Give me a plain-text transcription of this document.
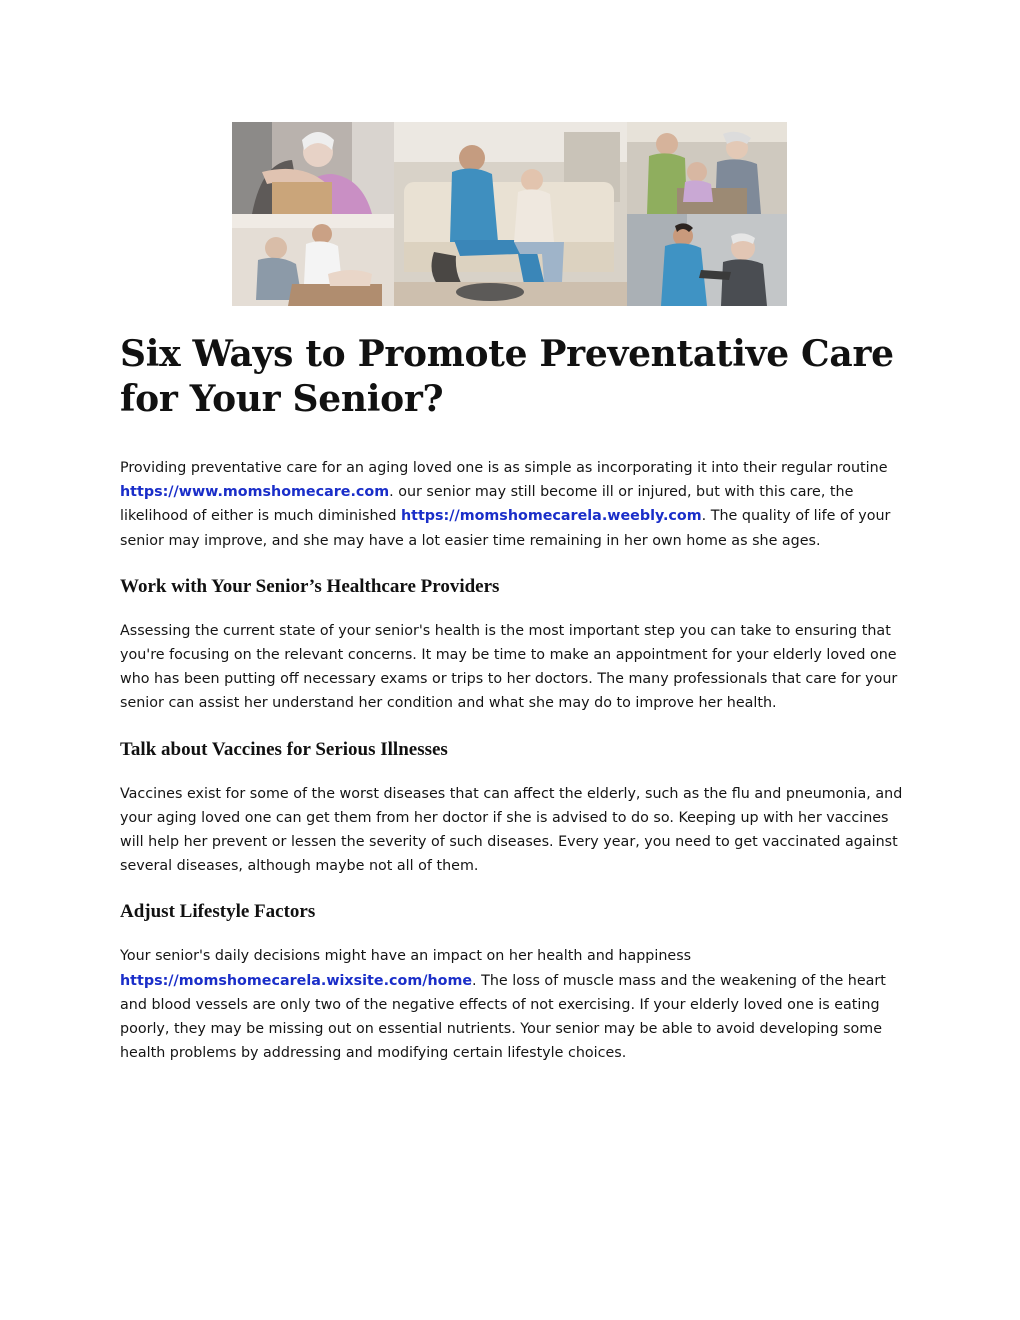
Six Ways to Promote Preventative Care for Your Senior?

Providing preventative care for an aging loved one is as simple as incorporating it into their regular routine https://www.momshomecare.com. our senior may still become ill or injured, but with this care, the likelihood of either is much diminished https://momshomecarela.weebly.com. The quality of life of your senior may improve, and she may have a lot easier time remaining in her own home as she ages.

Work with Your Senior’s Healthcare Providers

Assessing the current state of your senior's health is the most important step you can take to ensuring that you're focusing on the relevant concerns. It may be time to make an appointment for your elderly loved one who has been putting off necessary exams or trips to her doctors. The many professionals that care for your senior can assist her understand her condition and what she may do to improve her health.

Talk about Vaccines for Serious Illnesses

Vaccines exist for some of the worst diseases that can affect the elderly, such as the flu and pneumonia, and your aging loved one can get them from her doctor if she is advised to do so. Keeping up with her vaccines will help her prevent or lessen the severity of such diseases. Every year, you need to get vaccinated against several diseases, although maybe not all of them.

Adjust Lifestyle Factors

Your senior's daily decisions might have an impact on her health and happiness https://momshomecarela.wixsite.com/home. The loss of muscle mass and the weakening of the heart and blood vessels are only two of the negative effects of not exercising. If your elderly loved one is eating poorly, they may be missing out on essential nutrients. Your senior may be able to avoid developing some health problems by addressing and modifying certain lifestyle choices.
